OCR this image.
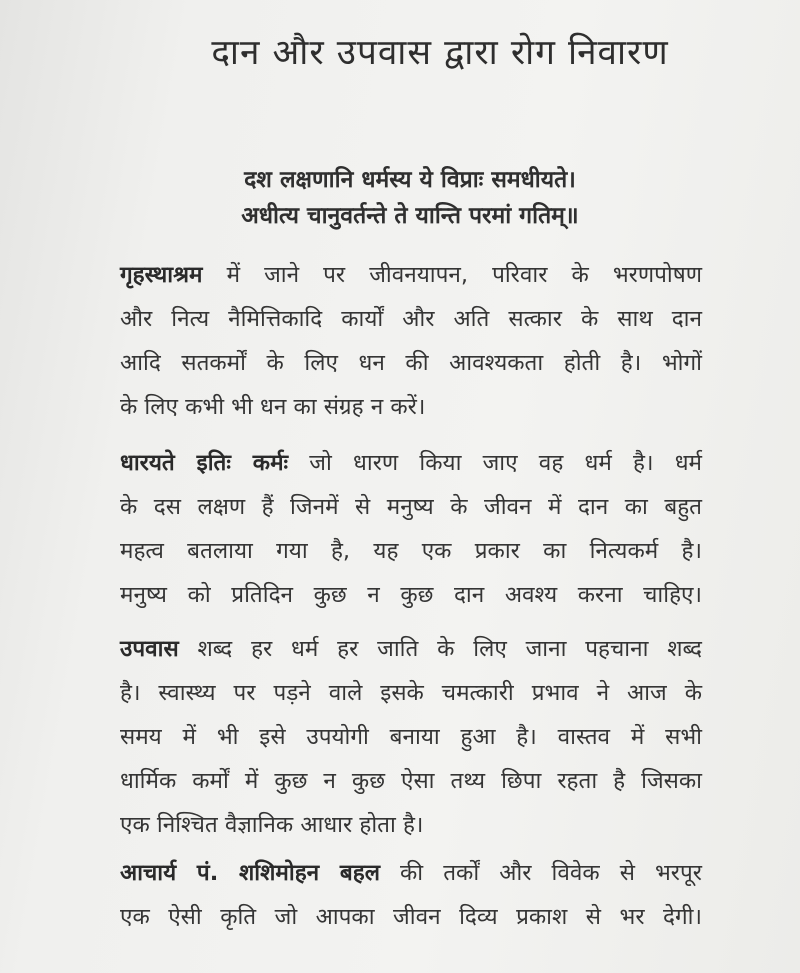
दान और उपवास द्वारा रोग निवारण
दश लक्षणानि धर्मस्य ये विप्राः समधीयते।
अधीत्य चानुवर्तन्ते ते यान्ति परमां गतिम्॥
गृहस्थाश्रम में जाने पर जीवनयापन, परिवार के भरणपोषण
और नित्य नैमित्तिकादि कार्यों और अति सत्कार के साथ दान
आदि सतकर्मों के लिए धन की आवश्यकता होती है। भोगों
के लिए कभी भी धन का संग्रह न करें।
धारयते इतिः कर्मः जो धारण किया जाए वह धर्म है। धर्म
के दस लक्षण हैं जिनमें से मनुष्य के जीवन में दान का बहुत
महत्व बतलाया गया है, यह एक प्रकार का नित्यकर्म है।
मनुष्य को प्रतिदिन कुछ न कुछ दान अवश्य करना चाहिए।
उपवास शब्द हर धर्म हर जाति के लिए जाना पहचाना शब्द
है। स्वास्थ्य पर पड़ने वाले इसके चमत्कारी प्रभाव ने आज के
समय में भी इसे उपयोगी बनाया हुआ है। वास्तव में सभी
धार्मिक कर्मों में कुछ न कुछ ऐसा तथ्य छिपा रहता है जिसका
एक निश्चित वैज्ञानिक आधार होता है।
आचार्य पं. शशिमोहन बहल की तर्कों और विवेक से भरपूर
एक ऐसी कृति जो आपका जीवन दिव्य प्रकाश से भर देगी।
